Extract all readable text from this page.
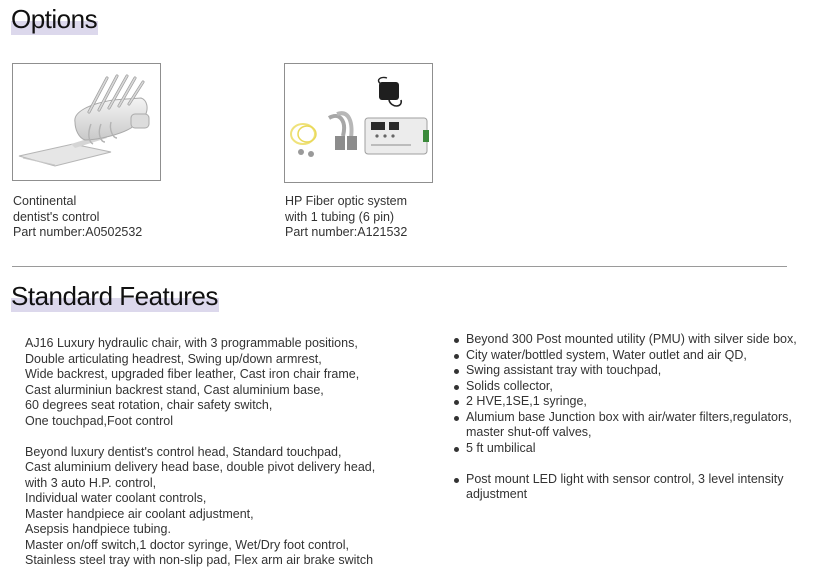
Options
Continental
dentist's control
Part number:A0502532
HP Fiber optic system
with 1 tubing (6 pin)
Part number:A121532
Standard Features
AJ16 Luxury hydraulic chair, with 3 programmable positions,
Double articulating headrest, Swing up/down armrest,
Wide backrest, upgraded fiber leather, Cast iron chair frame,
Cast alurminiun backrest stand, Cast aluminium base,
60 degrees seat rotation, chair safety switch,
One touchpad,Foot control
Beyond luxury dentist's control head, Standard touchpad,
Cast aluminium delivery head base, double pivot delivery head,
with 3 auto H.P. control,
Individual water coolant controls,
Master handpiece air coolant adjustment,
Asepsis handpiece tubing.
Master on/off switch,1 doctor syringe, Wet/Dry foot control,
Stainless steel tray with non-slip pad, Flex arm air brake switch
Beyond 300 Post mounted utility (PMU) with silver side box,
City water/bottled system, Water outlet and air QD,
Swing assistant tray with touchpad,
Solids collector,
2 HVE,1SE,1 syringe,
Alumium base Junction box with air/water filters,regulators,
master shut-off valves,
5 ft umbilical
Post mount LED light with sensor control, 3 level intensity
adjustment
